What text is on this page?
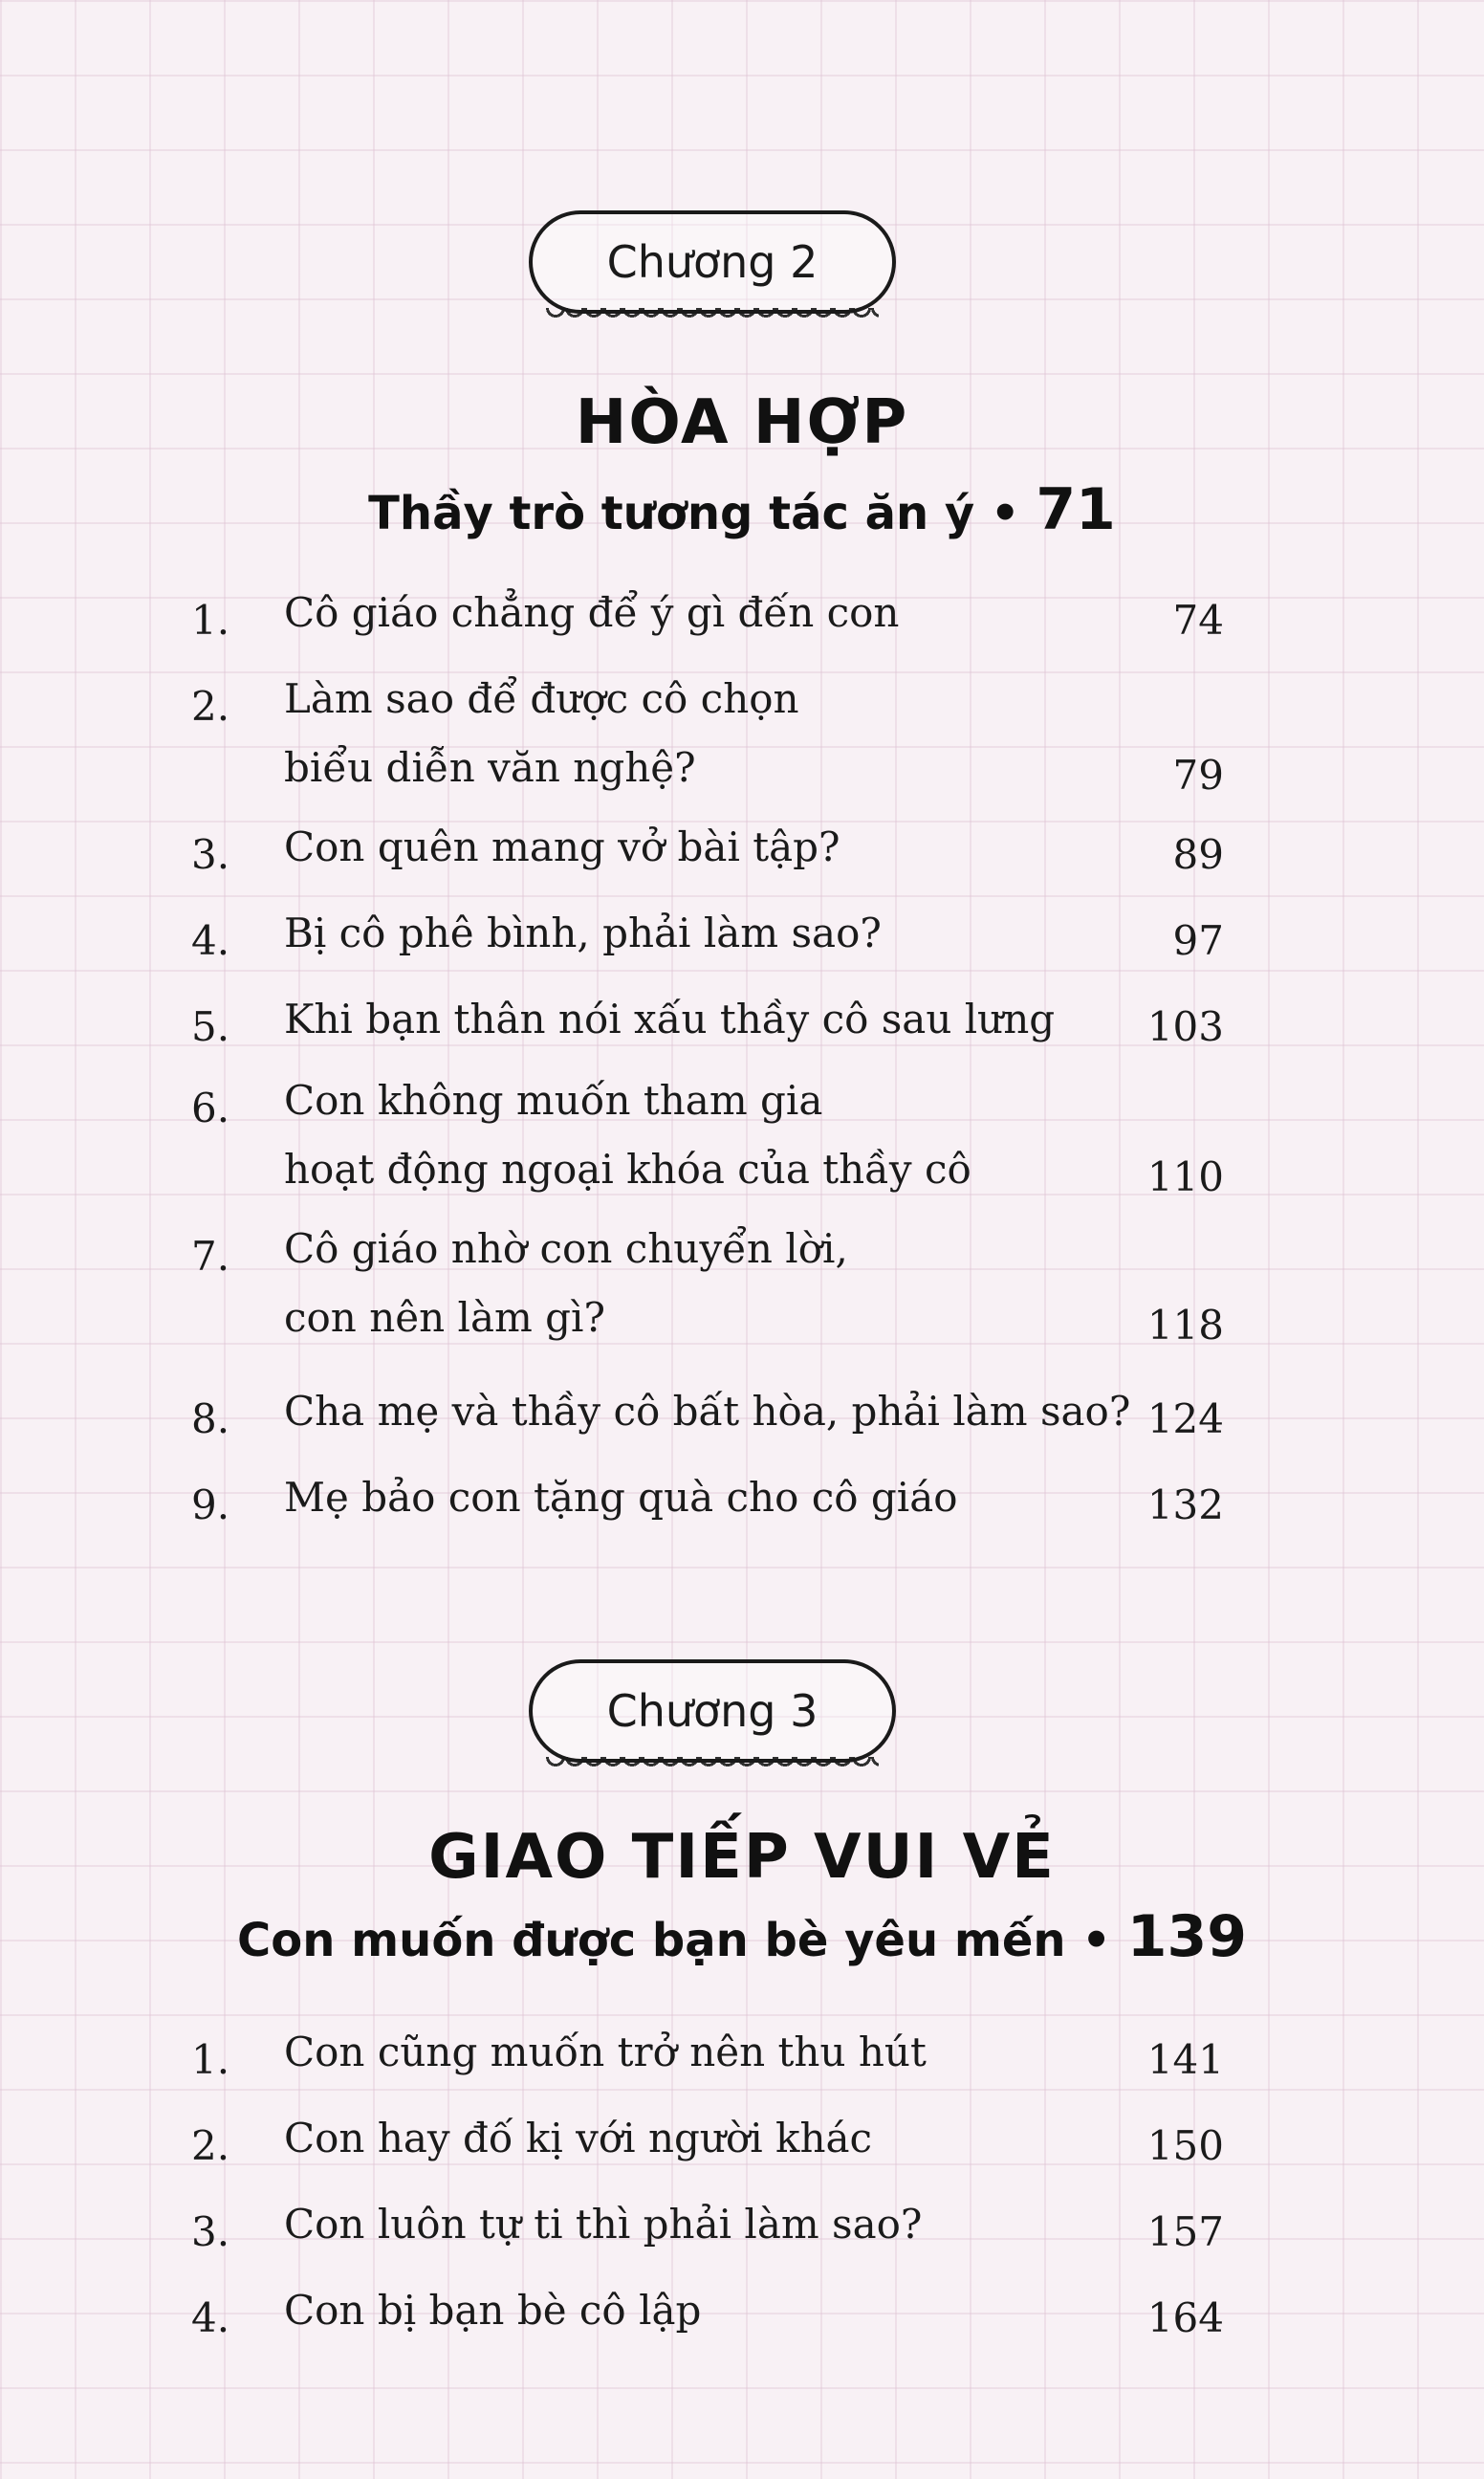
Chương 2
HÒA HỢP
Thầy trò tương tác ăn ý • 71
1.	Cô giáo chẳng để ý gì đến con	74
2.	Làm sao để được cô chọn
biểu diễn văn nghệ?	79
3.	Con quên mang vở bài tập?	89
4.	Bị cô phê bình, phải làm sao?	97
5.	Khi bạn thân nói xấu thầy cô sau lưng	103
6.	Con không muốn tham gia
hoạt động ngoại khóa của thầy cô	110
7.	Cô giáo nhờ con chuyển lời,
con nên làm gì?	118
8.	Cha mẹ và thầy cô bất hòa, phải làm sao? 124
9.	Mẹ bảo con tặng quà cho cô giáo	132
Chương 3
GIAO TIẾP VUI VẺ
Con muốn được bạn bè yêu mến • 139
1.	Con cũng muốn trở nên thu hút	141
2.	Con hay đố kị với người khác	150
3.	Con luôn tự ti thì phải làm sao?	157
4.	Con bị bạn bè cô lập	164
